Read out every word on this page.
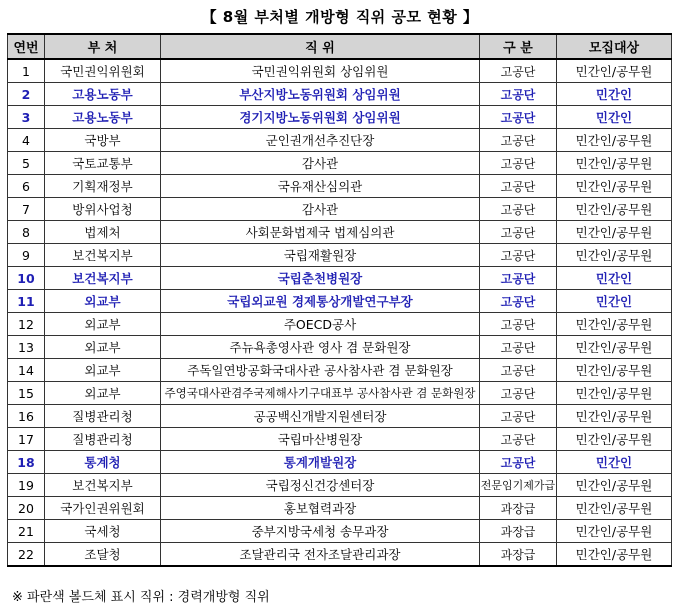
【 8월 부처별 개방형 직위 공모 현황 】
연번	부 처	직 위	구 분	모집대상
1	국민권익위원회	국민권익위원회 상임위원	고공단	민간인/공무원
2	고용노동부	부산지방노동위원회 상임위원	고공단	민간인
3	고용노동부	경기지방노동위원회 상임위원	고공단	민간인
4	국방부	군인권개선추진단장	고공단	민간인/공무원
5	국토교통부	감사관	고공단	민간인/공무원
6	기획재정부	국유재산심의관	고공단	민간인/공무원
7	방위사업청	감사관	고공단	민간인/공무원
8	법제처	사회문화법제국 법제심의관	고공단	민간인/공무원
9	보건복지부	국립재활원장	고공단	민간인/공무원
10	보건복지부	국립춘천병원장	고공단	민간인
11	외교부	국립외교원 경제통상개발연구부장	고공단	민간인
12	외교부	주OECD공사	고공단	민간인/공무원
13	외교부	주뉴욕총영사관 영사 겸 문화원장	고공단	민간인/공무원
14	외교부	주독일연방공화국대사관 공사참사관 겸 문화원장	고공단	민간인/공무원
15	외교부	주영국대사관겸주국제해사기구대표부 공사참사관 겸 문화원장	고공단	민간인/공무원
16	질병관리청	공공백신개발지원센터장	고공단	민간인/공무원
17	질병관리청	국립마산병원장	고공단	민간인/공무원
18	통계청	통계개발원장	고공단	민간인
19	보건복지부	국립정신건강센터장	전문임기제가급	민간인/공무원
20	국가인권위원회	홍보협력과장	과장급	민간인/공무원
21	국세청	중부지방국세청 송무과장	과장급	민간인/공무원
22	조달청	조달관리국 전자조달관리과장	과장급	민간인/공무원
※ 파란색 볼드체 표시 직위 : 경력개방형 직위
